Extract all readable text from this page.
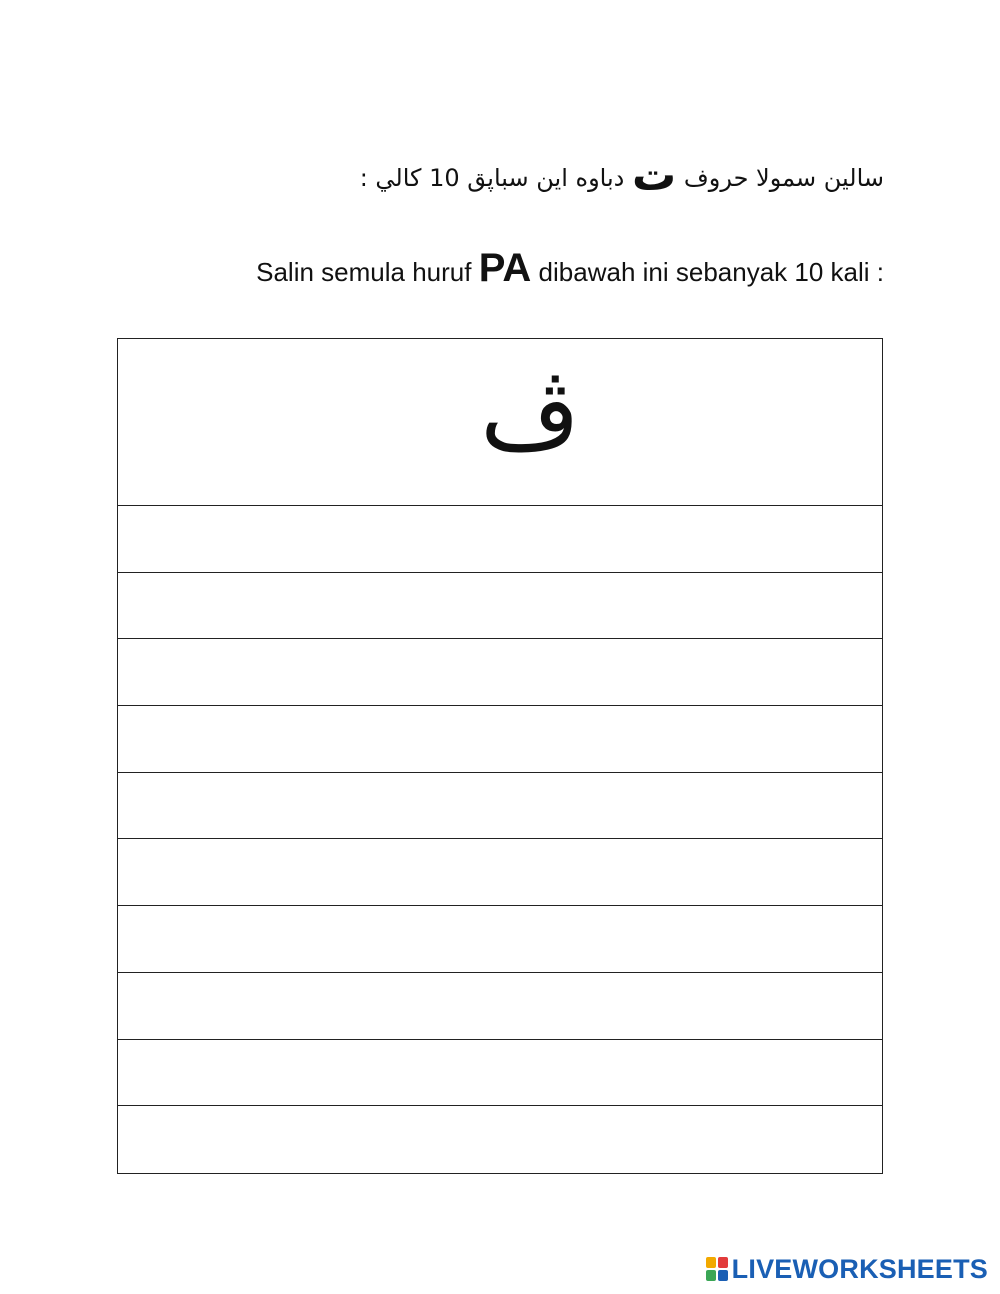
سالين سمولا حروف ت دباوه اين سباڽق 10 كالي :
Salin semula huruf PA dibawah ini sebanyak 10 kali :
ڤ
LIVEWORKSHEETS
